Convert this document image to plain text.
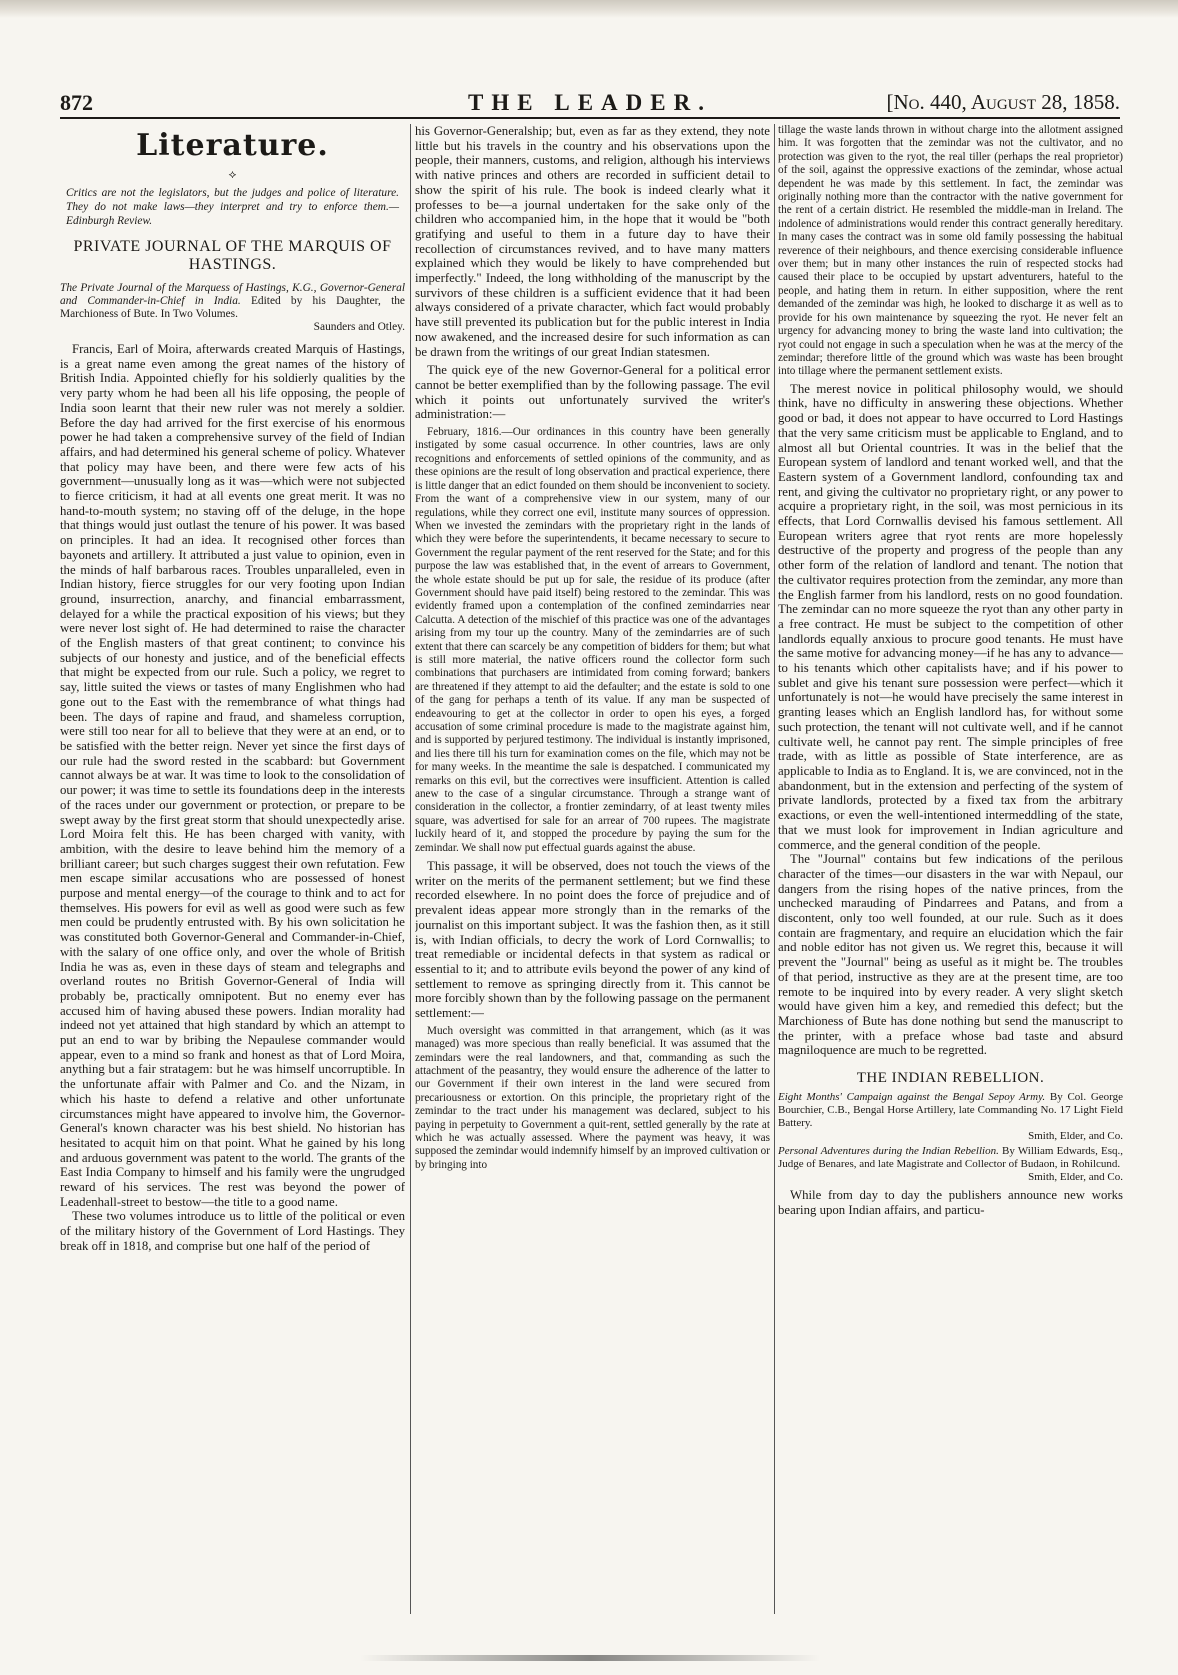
872	THE LEADER.	[No. 440, August 28, 1858.
Literature.
⟡
Critics are not the legislators, but the judges and police of literature. They do not make laws—they interpret and try to enforce them.—Edinburgh Review.
PRIVATE JOURNAL OF THE MARQUIS OF HASTINGS.
The Private Journal of the Marquess of Hastings, K.G., Governor-General and Commander-in-Chief in India. Edited by his Daughter, the Marchioness of Bute. In Two Volumes.
Saunders and Otley.

Francis, Earl of Moira, afterwards created Marquis of Hastings, is a great name even among the great names of the history of British India. Appointed chiefly for his soldierly qualities by the very party whom he had been all his life opposing, the people of India soon learnt that their new ruler was not merely a soldier. Before the day had arrived for the first exercise of his enormous power he had taken a comprehensive survey of the field of Indian affairs, and had determined his general scheme of policy. Whatever that policy may have been, and there were few acts of his government—unusually long as it was—which were not subjected to fierce criticism, it had at all events one great merit. It was no hand-to-mouth system; no staving off of the deluge, in the hope that things would just outlast the tenure of his power. It was based on principles. It had an idea. It recognised other forces than bayonets and artillery. It attributed a just value to opinion, even in the minds of half barbarous races. Troubles unparalleled, even in Indian history, fierce struggles for our very footing upon Indian ground, insurrection, anarchy, and financial embarrassment, delayed for a while the practical exposition of his views; but they were never lost sight of. He had determined to raise the character of the English masters of that great continent; to convince his subjects of our honesty and justice, and of the beneficial effects that might be expected from our rule. Such a policy, we regret to say, little suited the views or tastes of many Englishmen who had gone out to the East with the remembrance of what things had been. The days of rapine and fraud, and shameless corruption, were still too near for all to believe that they were at an end, or to be satisfied with the better reign. Never yet since the first days of our rule had the sword rested in the scabbard: but Government cannot always be at war. It was time to look to the consolidation of our power; it was time to settle its foundations deep in the interests of the races under our government or protection, or prepare to be swept away by the first great storm that should unexpectedly arise. Lord Moira felt this. He has been charged with vanity, with ambition, with the desire to leave behind him the memory of a brilliant career; but such charges suggest their own refutation. Few men escape similar accusations who are possessed of honest purpose and mental energy—of the courage to think and to act for themselves. His powers for evil as well as good were such as few men could be prudently entrusted with. By his own solicitation he was constituted both Governor-General and Commander-in-Chief, with the salary of one office only, and over the whole of British India he was as, even in these days of steam and telegraphs and overland routes no British Governor-General of India will probably be, practically omnipotent. But no enemy ever has accused him of having abused these powers. Indian morality had indeed not yet attained that high standard by which an attempt to put an end to war by bribing the Nepaulese commander would appear, even to a mind so frank and honest as that of Lord Moira, anything but a fair stratagem: but he was himself uncorruptible. In the unfortunate affair with Palmer and Co. and the Nizam, in which his haste to defend a relative and other unfortunate circumstances might have appeared to involve him, the Governor-General's known character was his best shield. No historian has hesitated to acquit him on that point. What he gained by his long and arduous government was patent to the world. The grants of the East India Company to himself and his family were the ungrudged reward of his services. The rest was beyond the power of Leadenhall-street to bestow—the title to a good name.

These two volumes introduce us to little of the political or even of the military history of the Government of Lord Hastings. They break off in 1818, and comprise but one half of the period of

his Governor-Generalship; but, even as far as they extend, they note little but his travels in the country and his observations upon the people, their manners, customs, and religion, although his interviews with native princes and others are recorded in sufficient detail to show the spirit of his rule. The book is indeed clearly what it professes to be—a journal undertaken for the sake only of the children who accompanied him, in the hope that it would be "both gratifying and useful to them in a future day to have their recollection of circumstances revived, and to have many matters explained which they would be likely to have comprehended but imperfectly." Indeed, the long withholding of the manuscript by the survivors of these children is a sufficient evidence that it had been always considered of a private character, which fact would probably have still prevented its publication but for the public interest in India now awakened, and the increased desire for such information as can be drawn from the writings of our great Indian statesmen.

The quick eye of the new Governor-General for a political error cannot be better exemplified than by the following passage. The evil which it points out unfortunately survived the writer's administration:—

February, 1816.—Our ordinances in this country have been generally instigated by some casual occurrence. In other countries, laws are only recognitions and enforcements of settled opinions of the community, and as these opinions are the result of long observation and practical experience, there is little danger that an edict founded on them should be inconvenient to society. From the want of a comprehensive view in our system, many of our regulations, while they correct one evil, institute many sources of oppression. When we invested the zemindars with the proprietary right in the lands of which they were before the superintendents, it became necessary to secure to Government the regular payment of the rent reserved for the State; and for this purpose the law was established that, in the event of arrears to Government, the whole estate should be put up for sale, the residue of its produce (after Government should have paid itself) being restored to the zemindar. This was evidently framed upon a contemplation of the confined zemindarries near Calcutta. A detection of the mischief of this practice was one of the advantages arising from my tour up the country. Many of the zemindarries are of such extent that there can scarcely be any competition of bidders for them; but what is still more material, the native officers round the collector form such combinations that purchasers are intimidated from coming forward; bankers are threatened if they attempt to aid the defaulter; and the estate is sold to one of the gang for perhaps a tenth of its value. If any man be suspected of endeavouring to get at the collector in order to open his eyes, a forged accusation of some criminal procedure is made to the magistrate against him, and is supported by perjured testimony. The individual is instantly imprisoned, and lies there till his turn for examination comes on the file, which may not be for many weeks. In the meantime the sale is despatched. I communicated my remarks on this evil, but the correctives were insufficient. Attention is called anew to the case of a singular circumstance. Through a strange want of consideration in the collector, a frontier zemindarry, of at least twenty miles square, was advertised for sale for an arrear of 700 rupees. The magistrate luckily heard of it, and stopped the procedure by paying the sum for the zemindar. We shall now put effectual guards against the abuse.

This passage, it will be observed, does not touch the views of the writer on the merits of the permanent settlement; but we find these recorded elsewhere. In no point does the force of prejudice and of prevalent ideas appear more strongly than in the remarks of the journalist on this important subject. It was the fashion then, as it still is, with Indian officials, to decry the work of Lord Cornwallis; to treat remediable or incidental defects in that system as radical or essential to it; and to attribute evils beyond the power of any kind of settlement to remove as springing directly from it. This cannot be more forcibly shown than by the following passage on the permanent settlement:—

Much oversight was committed in that arrangement, which (as it was managed) was more specious than really beneficial. It was assumed that the zemindars were the real landowners, and that, commanding as such the attachment of the peasantry, they would ensure the adherence of the latter to our Government if their own interest in the land were secured from precariousness or extortion. On this principle, the proprietary right of the zemindar to the tract under his management was declared, subject to his paying in perpetuity to Government a quit-rent, settled generally by the rate at which he was actually assessed. Where the payment was heavy, it was supposed the zemindar would indemnify himself by an improved cultivation or by bringing into

tillage the waste lands thrown in without charge into the allotment assigned him. It was forgotten that the zemindar was not the cultivator, and no protection was given to the ryot, the real tiller (perhaps the real proprietor) of the soil, against the oppressive exactions of the zemindar, whose actual dependent he was made by this settlement. In fact, the zemindar was originally nothing more than the contractor with the native government for the rent of a certain district. He resembled the middle-man in Ireland. The indolence of administrations would render this contract generally hereditary. In many cases the contract was in some old family possessing the habitual reverence of their neighbours, and thence exercising considerable influence over them; but in many other instances the ruin of respected stocks had caused their place to be occupied by upstart adventurers, hateful to the people, and hating them in return. In either supposition, where the rent demanded of the zemindar was high, he looked to discharge it as well as to provide for his own maintenance by squeezing the ryot. He never felt an urgency for advancing money to bring the waste land into cultivation; the ryot could not engage in such a speculation when he was at the mercy of the zemindar; therefore little of the ground which was waste has been brought into tillage where the permanent settlement exists.

The merest novice in political philosophy would, we should think, have no difficulty in answering these objections. Whether good or bad, it does not appear to have occurred to Lord Hastings that the very same criticism must be applicable to England, and to almost all but Oriental countries. It was in the belief that the European system of landlord and tenant worked well, and that the Eastern system of a Government landlord, confounding tax and rent, and giving the cultivator no proprietary right, or any power to acquire a proprietary right, in the soil, was most pernicious in its effects, that Lord Cornwallis devised his famous settlement. All European writers agree that ryot rents are more hopelessly destructive of the property and progress of the people than any other form of the relation of landlord and tenant. The notion that the cultivator requires protection from the zemindar, any more than the English farmer from his landlord, rests on no good foundation. The zemindar can no more squeeze the ryot than any other party in a free contract. He must be subject to the competition of other landlords equally anxious to procure good tenants. He must have the same motive for advancing money—if he has any to advance—to his tenants which other capitalists have; and if his power to sublet and give his tenant sure possession were perfect—which it unfortunately is not—he would have precisely the same interest in granting leases which an English landlord has, for without some such protection, the tenant will not cultivate well, and if he cannot cultivate well, he cannot pay rent. The simple principles of free trade, with as little as possible of State interference, are as applicable to India as to England. It is, we are convinced, not in the abandonment, but in the extension and perfecting of the system of private landlords, protected by a fixed tax from the arbitrary exactions, or even the well-intentioned intermeddling of the state, that we must look for improvement in Indian agriculture and commerce, and the general condition of the people.

The "Journal" contains but few indications of the perilous character of the times—our disasters in the war with Nepaul, our dangers from the rising hopes of the native princes, from the unchecked marauding of Pindarrees and Patans, and from a discontent, only too well founded, at our rule. Such as it does contain are fragmentary, and require an elucidation which the fair and noble editor has not given us. We regret this, because it will prevent the "Journal" being as useful as it might be. The troubles of that period, instructive as they are at the present time, are too remote to be inquired into by every reader. A very slight sketch would have given him a key, and remedied this defect; but the Marchioness of Bute has done nothing but send the manuscript to the printer, with a preface whose bad taste and absurd magniloquence are much to be regretted.

THE INDIAN REBELLION.
Eight Months' Campaign against the Bengal Sepoy Army. By Col. George Bourchier, C.B., Bengal Horse Artillery, late Commanding No. 17 Light Field Battery.
Smith, Elder, and Co.
Personal Adventures during the Indian Rebellion. By William Edwards, Esq., Judge of Benares, and late Magistrate and Collector of Budaon, in Rohilcund.
Smith, Elder, and Co.

While from day to day the publishers announce new works bearing upon Indian affairs, and particu-
